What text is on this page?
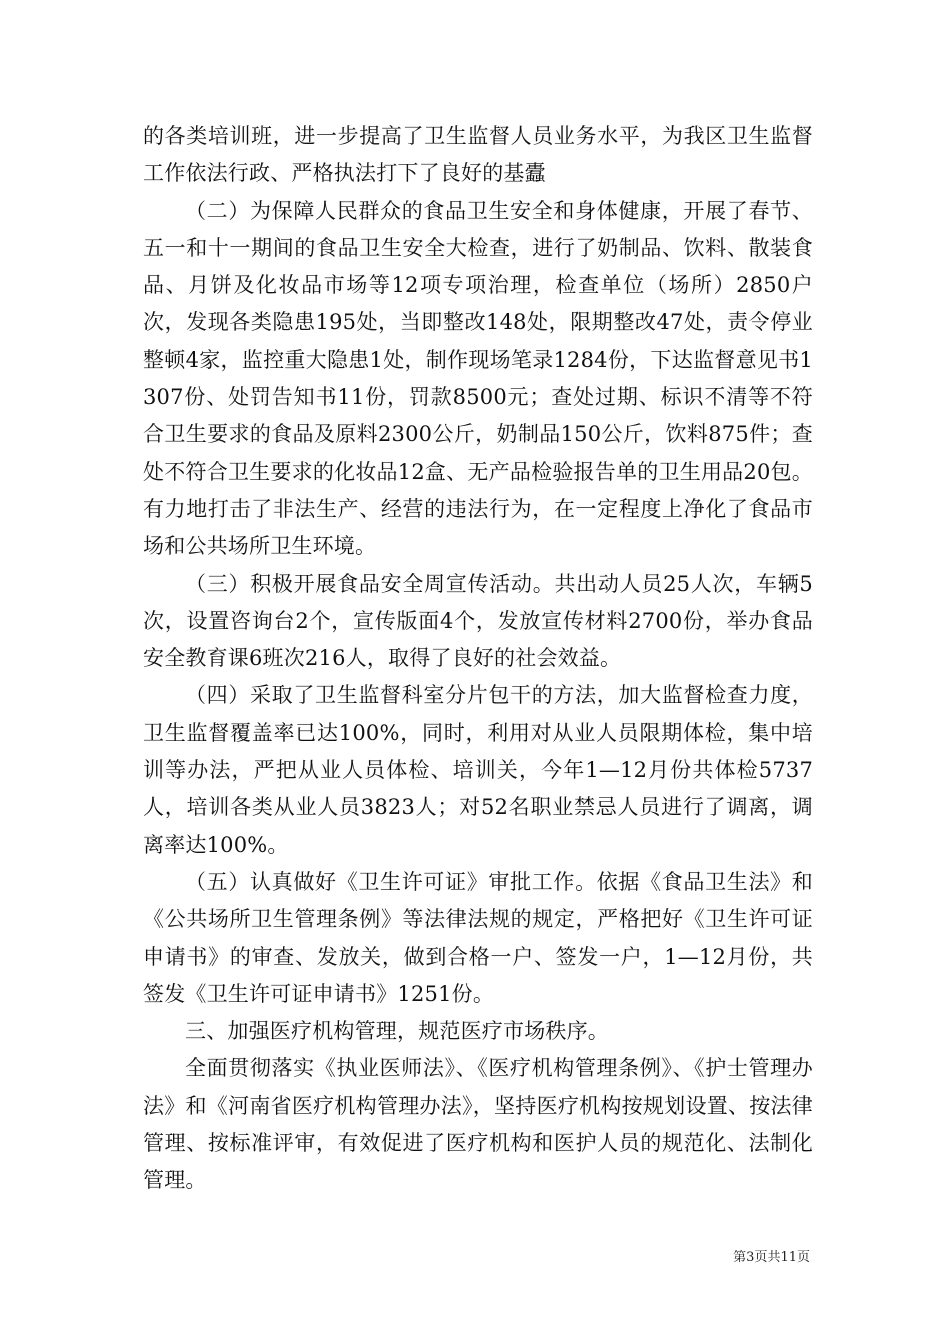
的各类培训班，进一步提高了卫生监督人员业务水平，为我区卫生监督工作依法行政、严格执法打下了良好的基蠹

（二）为保障人民群众的食品卫生安全和身体健康，开展了春节、五一和十一期间的食品卫生安全大检查，进行了奶制品、饮料、散装食品、月饼及化妆品市场等12项专项治理，检查单位（场所）2850户次，发现各类隐患195处，当即整改148处，限期整改47处，责令停业整顿4家，监控重大隐患1处，制作现场笔录1284份，下达监督意见书1307份、处罚告知书11份，罚款8500元；查处过期、标识不清等不符合卫生要求的食品及原料2300公斤，奶制品150公斤，饮料875件；查处不符合卫生要求的化妆品12盒、无产品检验报告单的卫生用品20包。有力地打击了非法生产、经营的违法行为，在一定程度上净化了食品市场和公共场所卫生环境。

（三）积极开展食品安全周宣传活动。共出动人员25人次，车辆5次，设置咨询台2个，宣传版面4个，发放宣传材料2700份，举办食品安全教育课6班次216人，取得了良好的社会效益。

（四）采取了卫生监督科室分片包干的方法，加大监督检查力度，卫生监督覆盖率已达100%，同时，利用对从业人员限期体检，集中培训等办法，严把从业人员体检、培训关，今年1—12月份共体检5737人，培训各类从业人员3823人；对52名职业禁忌人员进行了调离，调离率达100%。

（五）认真做好《卫生许可证》审批工作。依据《食品卫生法》和《公共场所卫生管理条例》等法律法规的规定，严格把好《卫生许可证申请书》的审查、发放关，做到合格一户、签发一户，1—12月份，共签发《卫生许可证申请书》1251份。

三、加强医疗机构管理，规范医疗市场秩序。

全面贯彻落实《执业医师法》、《医疗机构管理条例》、《护士管理办法》和《河南省医疗机构管理办法》，坚持医疗机构按规划设置、按法律管理、按标准评审，有效促进了医疗机构和医护人员的规范化、法制化管理。

第3页共11页
